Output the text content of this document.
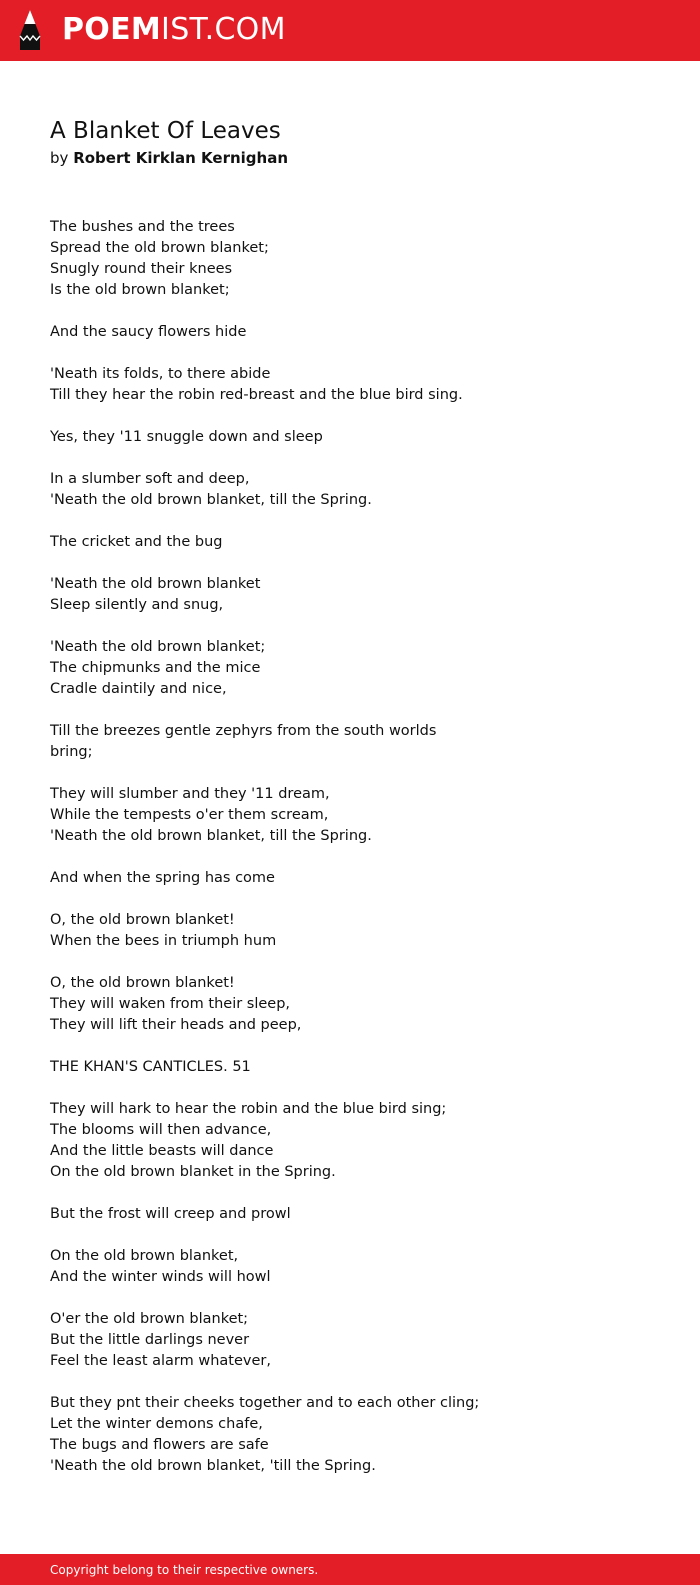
POEMIST.COM
A Blanket Of Leaves
by Robert Kirklan Kernighan
The bushes and the trees
Spread the old brown blanket;
Snugly round their knees
Is the old brown blanket;
And the saucy flowers hide
'Neath its folds, to there abide
Till they hear the robin red-breast and the blue bird sing.
Yes, they '11 snuggle down and sleep
In a slumber soft and deep,
'Neath the old brown blanket, till the Spring.
The cricket and the bug
'Neath the old brown blanket
Sleep silently and snug,
'Neath the old brown blanket;
The chipmunks and the mice
Cradle daintily and nice,
Till the breezes gentle zephyrs from the south worlds
bring;
They will slumber and they '11 dream,
While the tempests o'er them scream,
'Neath the old brown blanket, till the Spring.
And when the spring has come
O, the old brown blanket!
When the bees in triumph hum
O, the old brown blanket!
They will waken from their sleep,
They will lift their heads and peep,
THE KHAN'S CANTICLES. 51
They will hark to hear the robin and the blue bird sing;
The blooms will then advance,
And the little beasts will dance
On the old brown blanket in the Spring.
But the frost will creep and prowl
On the old brown blanket,
And the winter winds will howl
O'er the old brown blanket;
But the little darlings never
Feel the least alarm whatever,
But they pnt their cheeks together and to each other cling;
Let the winter demons chafe,
The bugs and flowers are safe
'Neath the old brown blanket, 'till the Spring.
Copyright belong to their respective owners.
